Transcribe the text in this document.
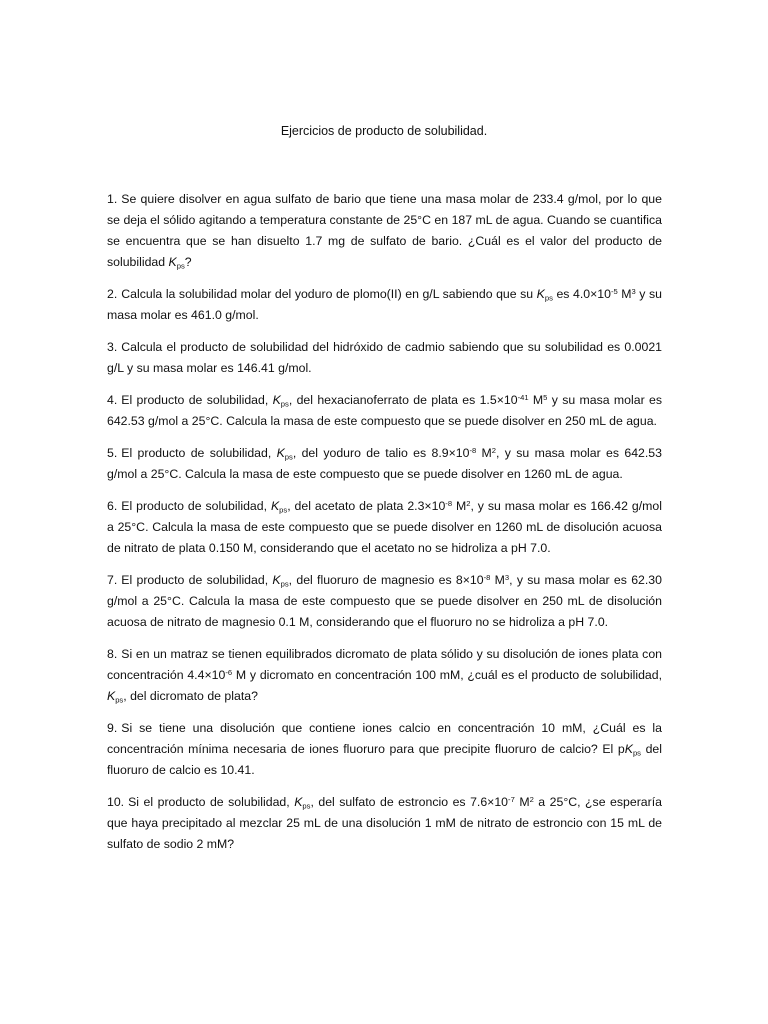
Ejercicios de producto de solubilidad.

1. Se quiere disolver en agua sulfato de bario que tiene una masa molar de 233.4 g/mol, por lo que se deja el sólido agitando a temperatura constante de 25°C en 187 mL de agua. Cuando se cuantifica se encuentra que se han disuelto 1.7 mg de sulfato de bario. ¿Cuál es el valor del producto de solubilidad $K_{ps}$?

2. Calcula la solubilidad molar del yoduro de plomo(II) en g/L sabiendo que su $K_{ps}$ es $4.0\times 10^{-5}$ $M^3$ y su masa molar es 461.0 g/mol.

3. Calcula el producto de solubilidad del hidróxido de cadmio sabiendo que su solubilidad es 0.0021 g/L y su masa molar es 146.41 g/mol.

4. El producto de solubilidad, $K_{ps}$, del hexacianoferrato de plata es $1.5\times 10^{-41}$ $M^5$ y su masa molar es 642.53 g/mol a 25°C. Calcula la masa de este compuesto que se puede disolver en 250 mL de agua.

5. El producto de solubilidad, $K_{ps}$, del yoduro de talio es $8.9\times 10^{-8}$ $M^2$, y su masa molar es 642.53 g/mol a 25°C. Calcula la masa de este compuesto que se puede disolver en 1260 mL de agua.

6. El producto de solubilidad, $K_{ps}$, del acetato de plata $2.3\times 10^{-8}$ $M^2$, y su masa molar es 166.42 g/mol a 25°C. Calcula la masa de este compuesto que se puede disolver en 1260 mL de disolución acuosa de nitrato de plata 0.150 M, considerando que el acetato no se hidroliza a pH 7.0.

7. El producto de solubilidad, $K_{ps}$, del fluoruro de magnesio es $8\times 10^{-8}$ $M^3$, y su masa molar es 62.30 g/mol a 25°C. Calcula la masa de este compuesto que se puede disolver en 250 mL de disolución acuosa de nitrato de magnesio 0.1 M, considerando que el fluoruro no se hidroliza a pH 7.0.

8. Si en un matraz se tienen equilibrados dicromato de plata sólido y su disolución de iones plata con concentración $4.4\times 10^{-6}$ M y dicromato en concentración 100 mM, ¿cuál es el producto de solubilidad, $K_{ps}$, del dicromato de plata?

9. Si se tiene una disolución que contiene iones calcio en concentración 10 mM, ¿Cuál es la concentración mínima necesaria de iones fluoruro para que precipite fluoruro de calcio? El $pK_{ps}$ del fluoruro de calcio es 10.41.

10. Si el producto de solubilidad, $K_{ps}$, del sulfato de estroncio es $7.6\times 10^{-7}$ $M^2$ a 25°C, ¿se esperaría que haya precipitado al mezclar 25 mL de una disolución 1 mM de nitrato de estroncio con 15 mL de sulfato de sodio 2 mM?
